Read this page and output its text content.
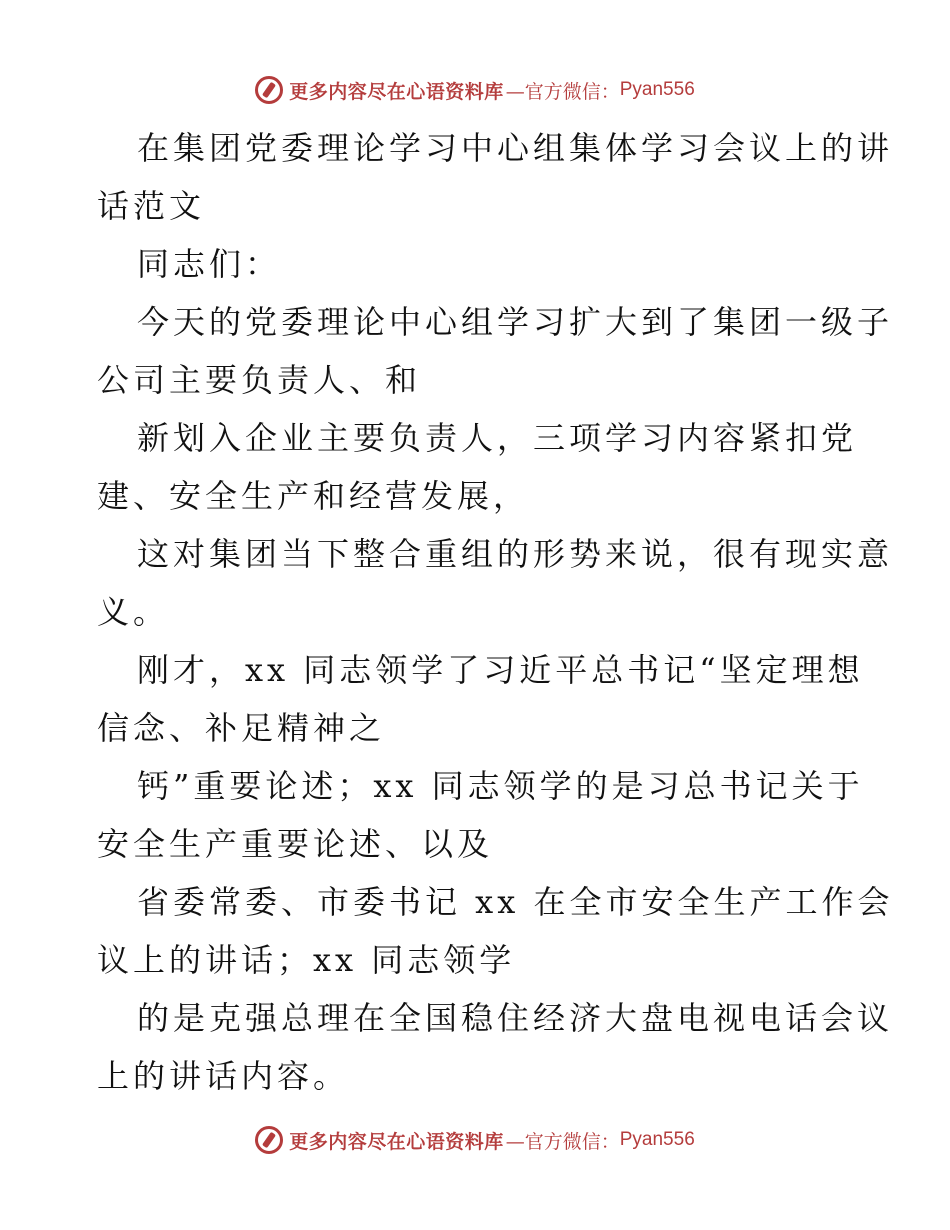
更多内容尽在心语资料库 —官方微信： Pyan556
在集团党委理论学习中心组集体学习会议上的讲
话范文
同志们：
今天的党委理论中心组学习扩大到了集团一级子
公司主要负责人、和
新划入企业主要负责人，三项学习内容紧扣党
建、安全生产和经营发展，
这对集团当下整合重组的形势来说，很有现实意
义。
刚才，xx 同志领学了习近平总书记“坚定理想
信念、补足精神之
钙”重要论述；xx 同志领学的是习总书记关于
安全生产重要论述、以及
省委常委、市委书记 xx 在全市安全生产工作会
议上的讲话；xx 同志领学
的是克强总理在全国稳住经济大盘电视电话会议
上的讲话内容。
更多内容尽在心语资料库 —官方微信： Pyan556
